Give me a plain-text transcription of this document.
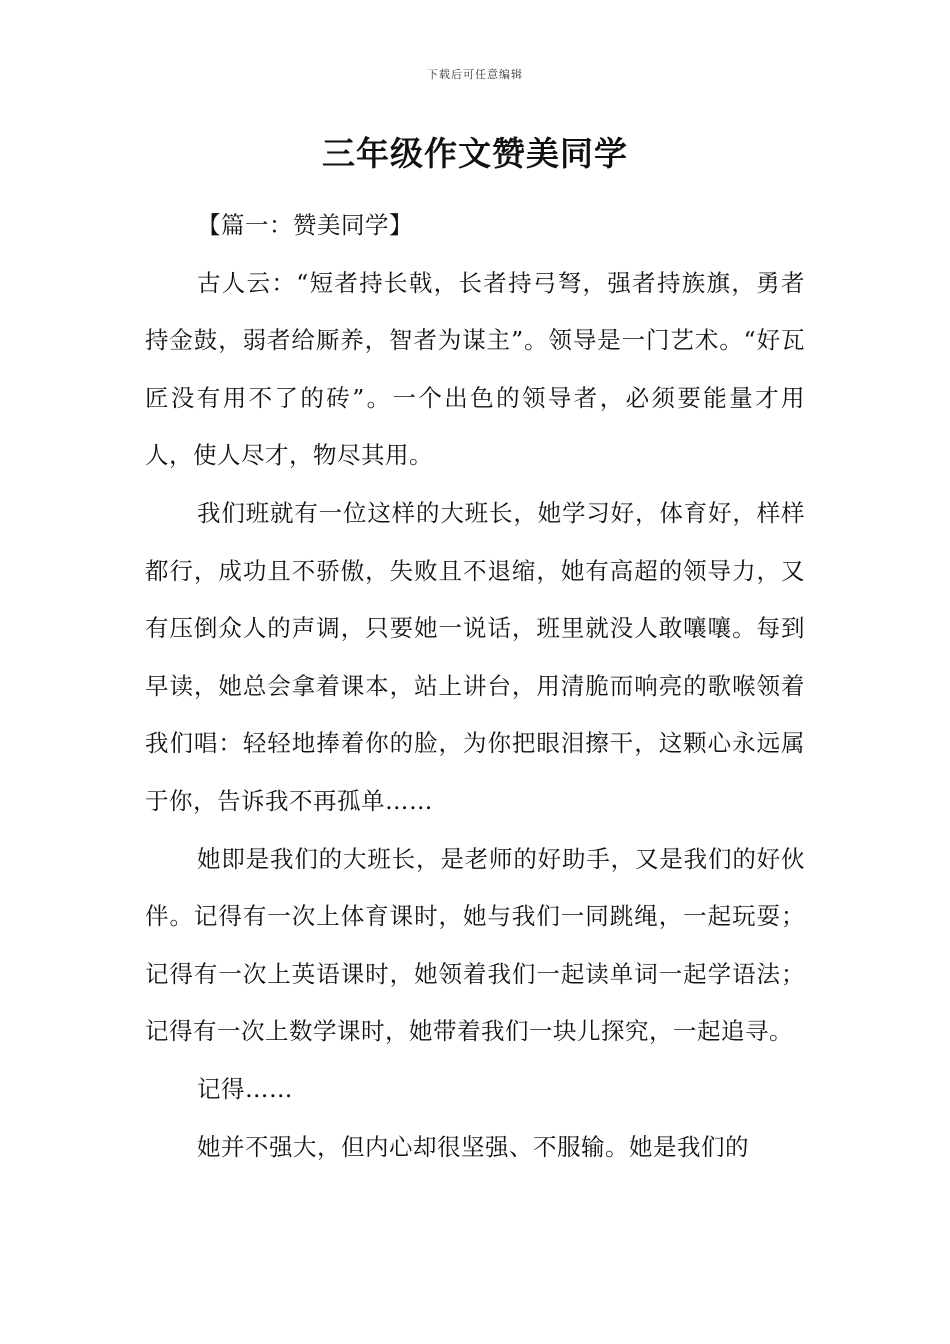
下载后可任意编辑
三年级作文赞美同学

【篇一：赞美同学】

古人云：“短者持长戟，长者持弓弩，强者持族旗，勇者持金鼓，弱者给厮养，智者为谋主”。领导是一门艺术。“好瓦匠没有用不了的砖”。一个出色的领导者，必须要能量才用人，使人尽才，物尽其用。

我们班就有一位这样的大班长，她学习好，体育好，样样都行，成功且不骄傲，失败且不退缩，她有高超的领导力，又有压倒众人的声调，只要她一说话，班里就没人敢嚷嚷。每到早读，她总会拿着课本，站上讲台，用清脆而响亮的歌喉领着我们唱：轻轻地捧着你的脸，为你把眼泪擦干，这颗心永远属于你，告诉我不再孤单……

她即是我们的大班长，是老师的好助手，又是我们的好伙伴。记得有一次上体育课时，她与我们一同跳绳，一起玩耍；记得有一次上英语课时，她领着我们一起读单词一起学语法；记得有一次上数学课时，她带着我们一块儿探究，一起追寻。

记得……

她并不强大，但内心却很坚强、不服输。她是我们的
